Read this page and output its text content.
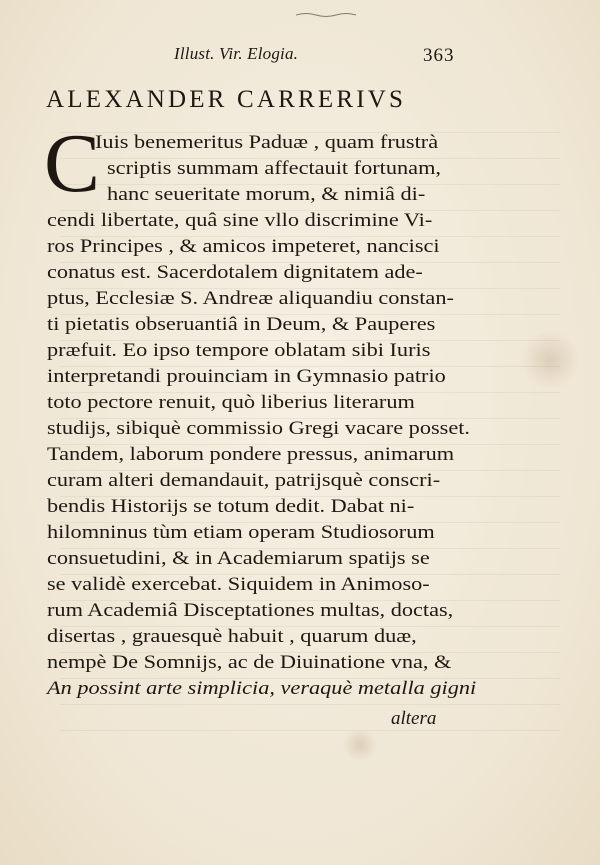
Illust. Vir. Elogia.	363
ALEXANDER CARRERIVS
C
Iuis benemeritus Paduæ , quam frustrà
scriptis summam affectauit fortunam,
hanc seueritate morum, & nimiâ di-
cendi libertate, quâ sine vllo discrimine Vi-
ros Principes , & amicos impeteret, nancisci
conatus est. Sacerdotalem dignitatem ade-
ptus, Ecclesiæ S. Andreæ aliquandiu constan-
ti pietatis obseruantiâ in Deum, & Pauperes
præfuit. Eo ipso tempore oblatam sibi Iuris
interpretandi prouinciam in Gymnasio patrio
toto pectore renuit, quò liberius literarum
studijs, sibiquè commissio Gregi vacare posset.
Tandem, laborum pondere pressus, animarum
curam alteri demandauit, patrijsquè conscri-
bendis Historijs se totum dedit. Dabat ni-
hilomninus tùm etiam operam Studiosorum
consuetudini, & in Academiarum spatijs se
se validè exercebat. Siquidem in Animoso-
rum Academiâ Disceptationes multas, doctas,
disertas , grauesquè habuit , quarum duæ,
nempè De Somnijs, ac de Diuinatione vna, &
An possint arte simplicia, veraquè metalla gigni
altera
